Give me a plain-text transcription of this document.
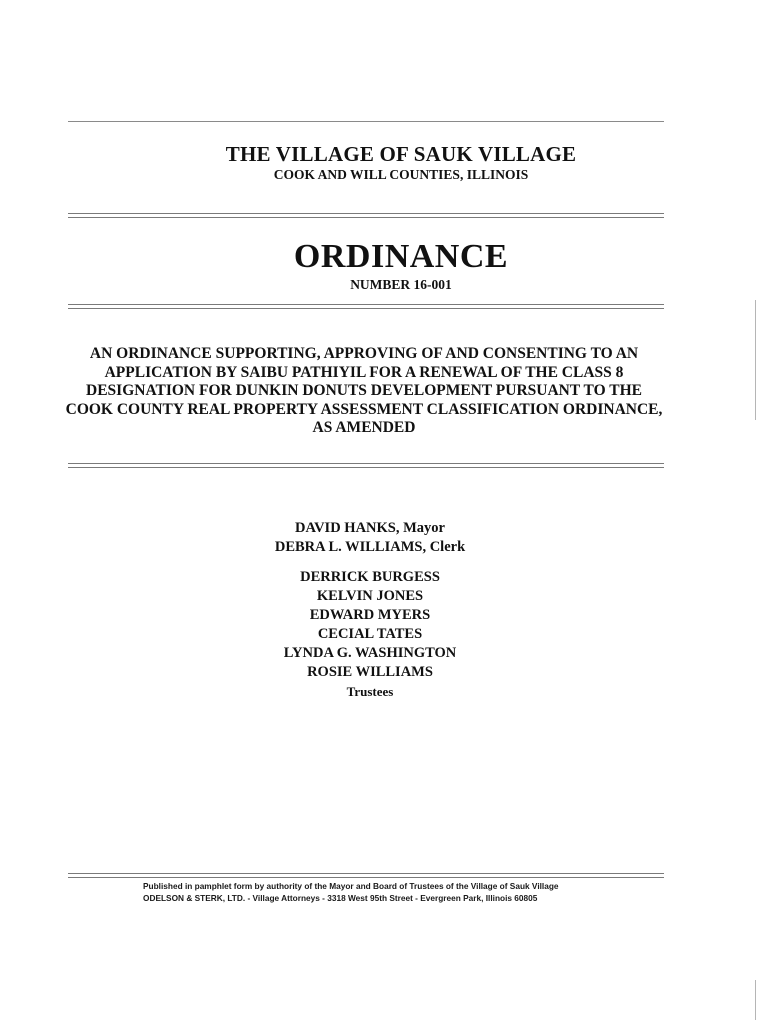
THE VILLAGE OF SAUK VILLAGE
COOK AND WILL COUNTIES, ILLINOIS
ORDINANCE
NUMBER 16-001
AN ORDINANCE SUPPORTING, APPROVING OF AND CONSENTING TO AN
APPLICATION BY SAIBU PATHIYIL FOR A RENEWAL OF THE CLASS 8
DESIGNATION FOR DUNKIN DONUTS DEVELOPMENT PURSUANT TO THE
COOK COUNTY REAL PROPERTY ASSESSMENT CLASSIFICATION ORDINANCE,
AS AMENDED
DAVID HANKS, Mayor
DEBRA L. WILLIAMS, Clerk
DERRICK BURGESS
KELVIN JONES
EDWARD MYERS
CECIAL TATES
LYNDA G. WASHINGTON
ROSIE WILLIAMS
Trustees
Published in pamphlet form by authority of the Mayor and Board of Trustees of the Village of Sauk Village
ODELSON & STERK, LTD. - Village Attorneys - 3318 West 95th Street - Evergreen Park, Illinois 60805
